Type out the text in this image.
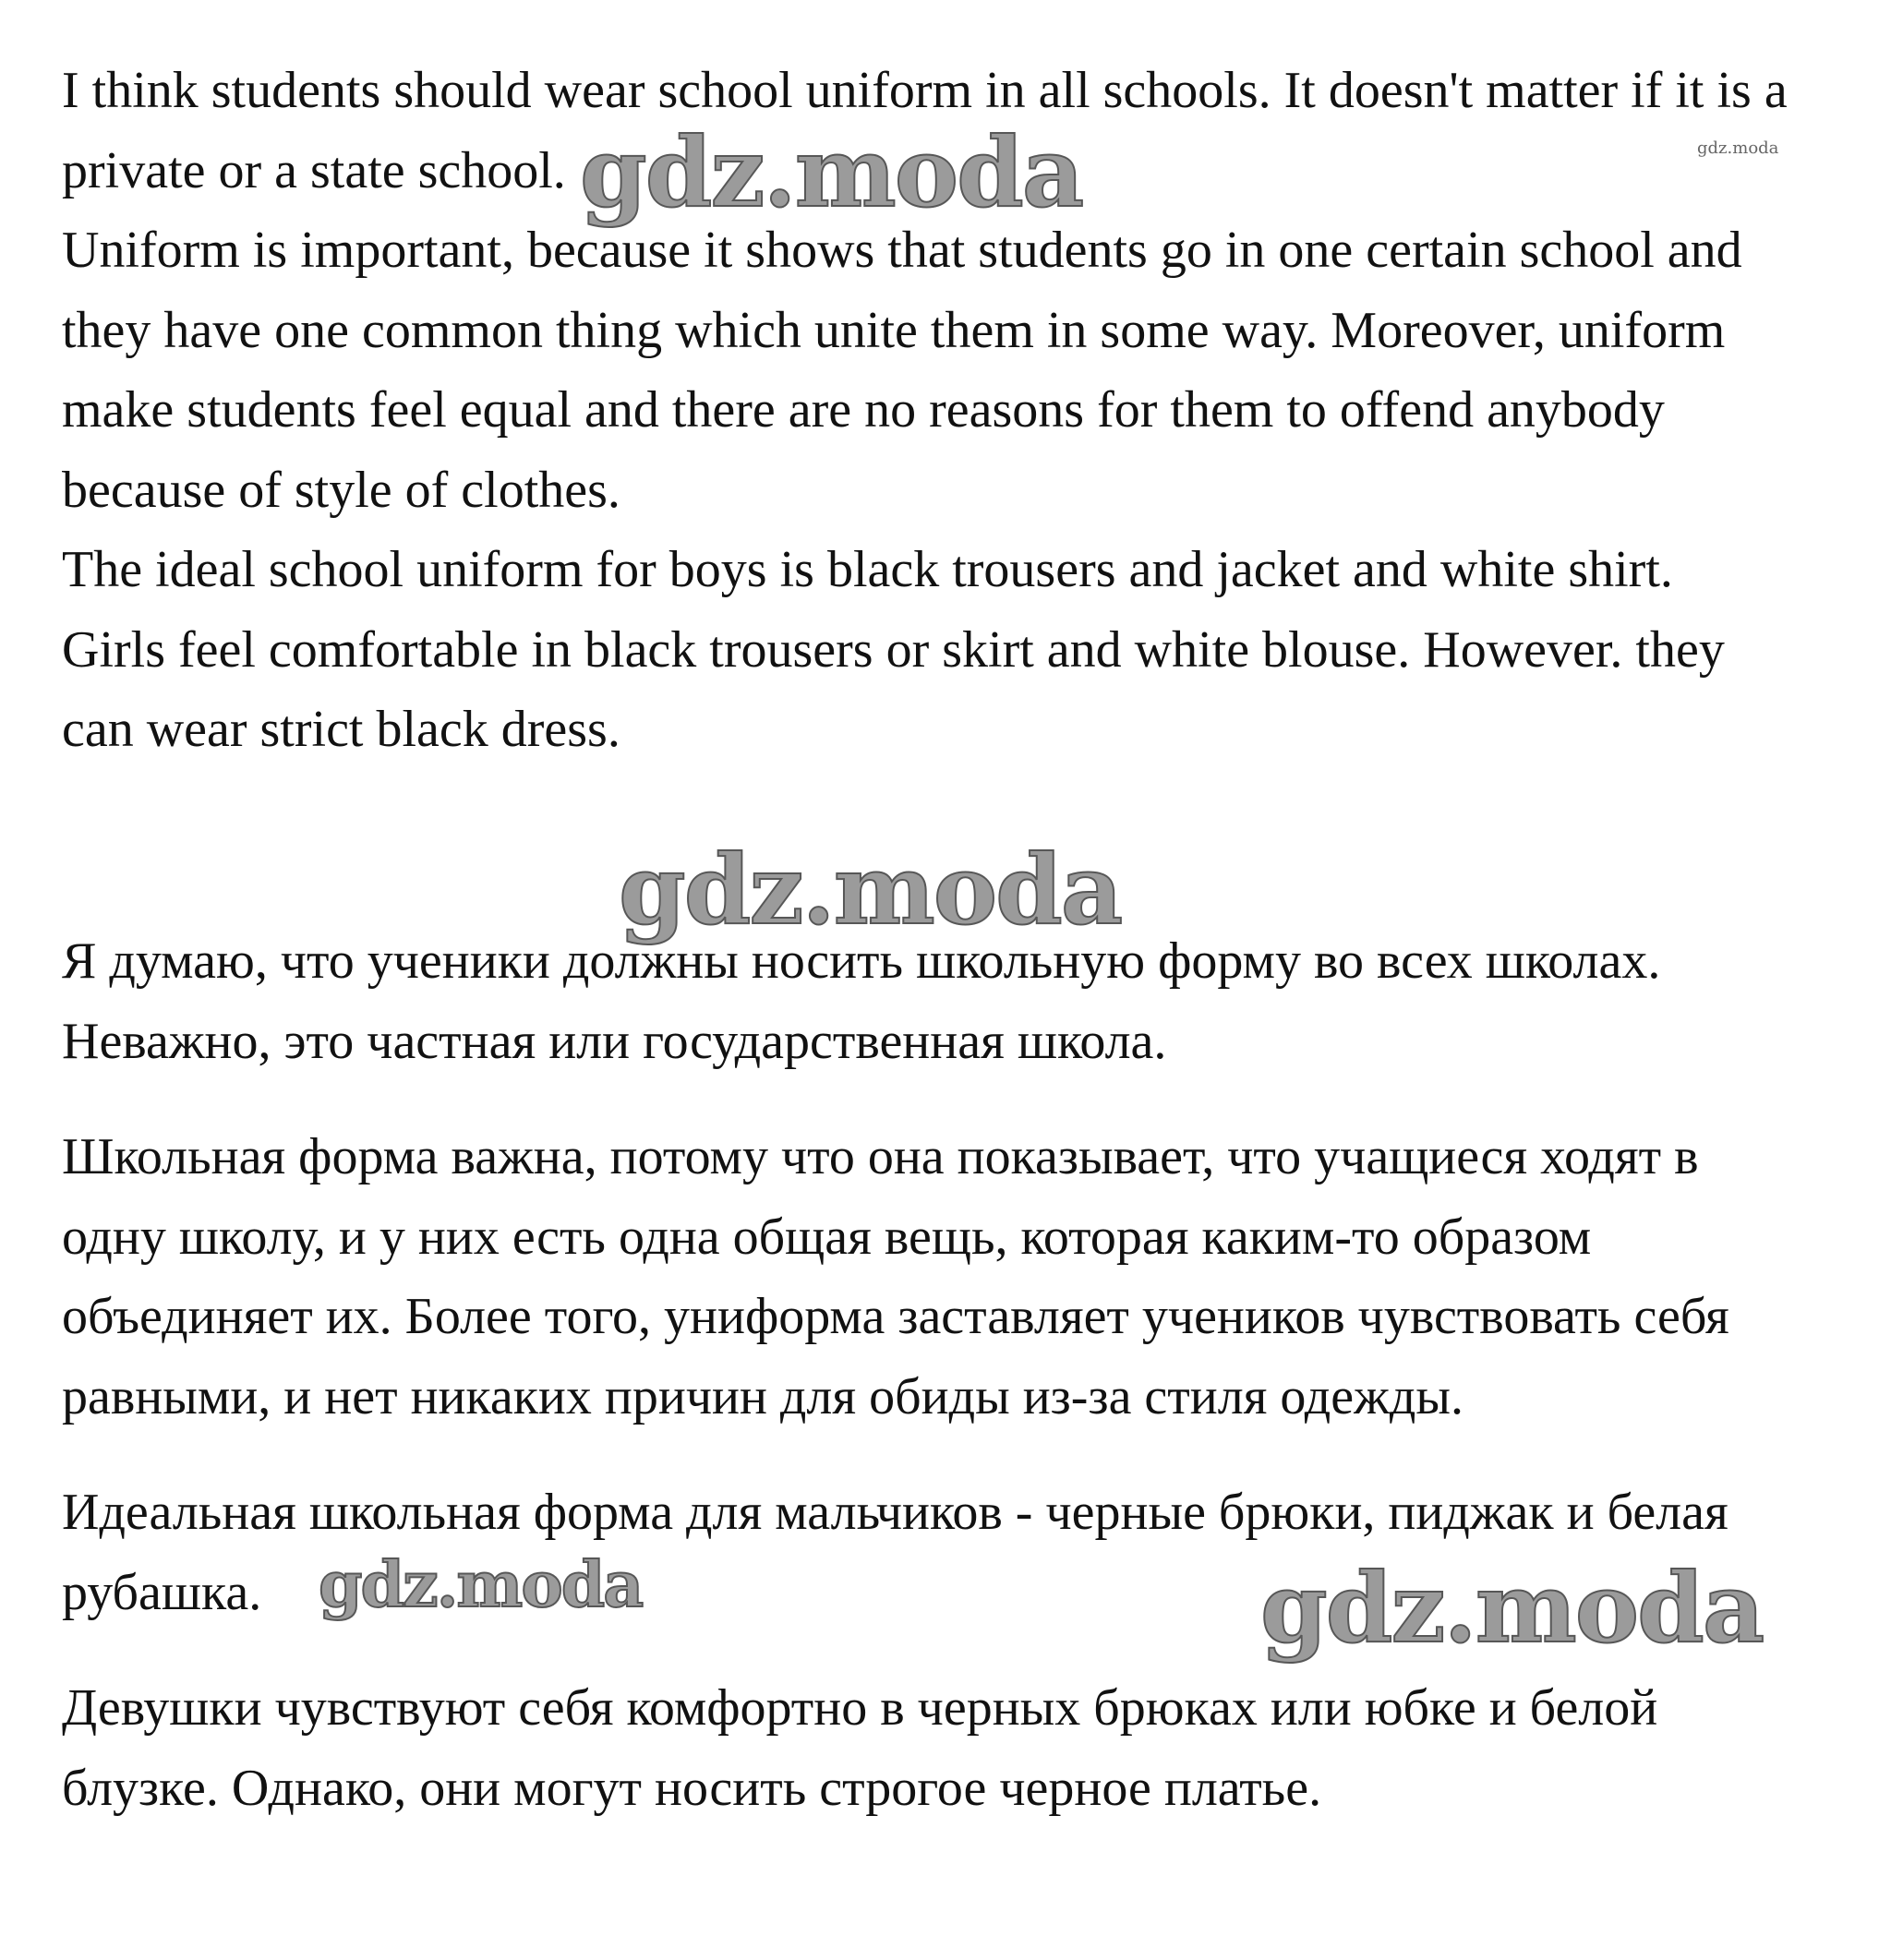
I think students should wear school uniform in all schools. It doesn't matter if it is a
private or a state school.
Uniform is important, because it shows that students go in one certain school and
they have one common thing which unite them in some way. Moreover, uniform
make students feel equal and there are no reasons for them to offend anybody
because of style of clothes.
The ideal school uniform for boys is black trousers and jacket and white shirt.
Girls feel comfortable in black trousers or skirt and white blouse. However. they
can wear strict black dress.
Я думаю, что ученики должны носить школьную форму во всех школах.
Неважно, это частная или государственная школа.
Школьная форма важна, потому что она показывает, что учащиеся ходят в
одну школу, и у них есть одна общая вещь, которая каким-то образом
объединяет их. Более того, униформа заставляет учеников чувствовать себя
равными, и нет никаких причин для обиды из-за стиля одежды.
Идеальная школьная форма для мальчиков - черные брюки, пиджак и белая
рубашка.
Девушки чувствуют себя комфортно в черных брюках или юбке и белой
блузке. Однако, они могут носить строгое черное платье.
gdz.moda	gdz.moda
gdz.moda
gdz.moda	gdz.moda
